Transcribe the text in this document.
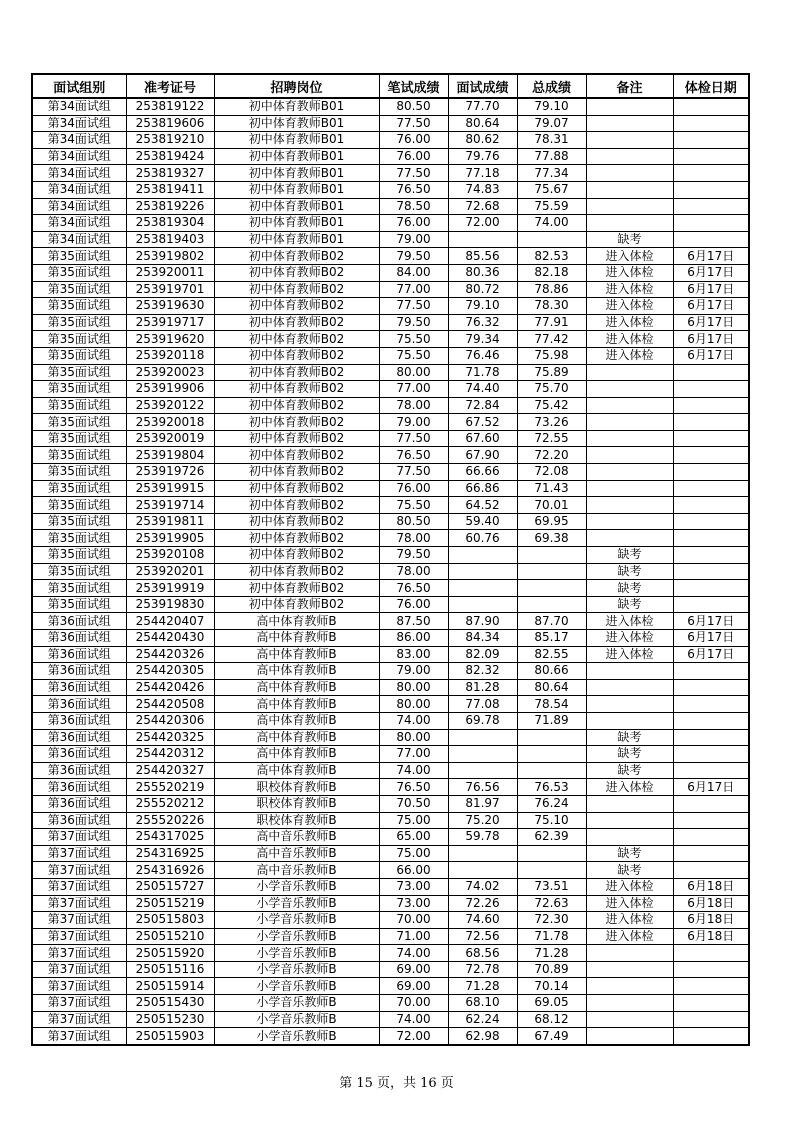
面试组别	准考证号	招聘岗位	笔试成绩	面试成绩	总成绩	备注	体检日期
第34面试组	253819122	初中体育教师B01	80.50	77.70	79.10		
第34面试组	253819606	初中体育教师B01	77.50	80.64	79.07		
第34面试组	253819210	初中体育教师B01	76.00	80.62	78.31		
第34面试组	253819424	初中体育教师B01	76.00	79.76	77.88		
第34面试组	253819327	初中体育教师B01	77.50	77.18	77.34		
第34面试组	253819411	初中体育教师B01	76.50	74.83	75.67		
第34面试组	253819226	初中体育教师B01	78.50	72.68	75.59		
第34面试组	253819304	初中体育教师B01	76.00	72.00	74.00		
第34面试组	253819403	初中体育教师B01	79.00			缺考	
第35面试组	253919802	初中体育教师B02	79.50	85.56	82.53	进入体检	6月17日
第35面试组	253920011	初中体育教师B02	84.00	80.36	82.18	进入体检	6月17日
第35面试组	253919701	初中体育教师B02	77.00	80.72	78.86	进入体检	6月17日
第35面试组	253919630	初中体育教师B02	77.50	79.10	78.30	进入体检	6月17日
第35面试组	253919717	初中体育教师B02	79.50	76.32	77.91	进入体检	6月17日
第35面试组	253919620	初中体育教师B02	75.50	79.34	77.42	进入体检	6月17日
第35面试组	253920118	初中体育教师B02	75.50	76.46	75.98	进入体检	6月17日
第35面试组	253920023	初中体育教师B02	80.00	71.78	75.89		
第35面试组	253919906	初中体育教师B02	77.00	74.40	75.70		
第35面试组	253920122	初中体育教师B02	78.00	72.84	75.42		
第35面试组	253920018	初中体育教师B02	79.00	67.52	73.26		
第35面试组	253920019	初中体育教师B02	77.50	67.60	72.55		
第35面试组	253919804	初中体育教师B02	76.50	67.90	72.20		
第35面试组	253919726	初中体育教师B02	77.50	66.66	72.08		
第35面试组	253919915	初中体育教师B02	76.00	66.86	71.43		
第35面试组	253919714	初中体育教师B02	75.50	64.52	70.01		
第35面试组	253919811	初中体育教师B02	80.50	59.40	69.95		
第35面试组	253919905	初中体育教师B02	78.00	60.76	69.38		
第35面试组	253920108	初中体育教师B02	79.50			缺考	
第35面试组	253920201	初中体育教师B02	78.00			缺考	
第35面试组	253919919	初中体育教师B02	76.50			缺考	
第35面试组	253919830	初中体育教师B02	76.00			缺考	
第36面试组	254420407	高中体育教师B	87.50	87.90	87.70	进入体检	6月17日
第36面试组	254420430	高中体育教师B	86.00	84.34	85.17	进入体检	6月17日
第36面试组	254420326	高中体育教师B	83.00	82.09	82.55	进入体检	6月17日
第36面试组	254420305	高中体育教师B	79.00	82.32	80.66		
第36面试组	254420426	高中体育教师B	80.00	81.28	80.64		
第36面试组	254420508	高中体育教师B	80.00	77.08	78.54		
第36面试组	254420306	高中体育教师B	74.00	69.78	71.89		
第36面试组	254420325	高中体育教师B	80.00			缺考	
第36面试组	254420312	高中体育教师B	77.00			缺考	
第36面试组	254420327	高中体育教师B	74.00			缺考	
第36面试组	255520219	职校体育教师B	76.50	76.56	76.53	进入体检	6月17日
第36面试组	255520212	职校体育教师B	70.50	81.97	76.24		
第36面试组	255520226	职校体育教师B	75.00	75.20	75.10		
第37面试组	254317025	高中音乐教师B	65.00	59.78	62.39		
第37面试组	254316925	高中音乐教师B	75.00			缺考	
第37面试组	254316926	高中音乐教师B	66.00			缺考	
第37面试组	250515727	小学音乐教师B	73.00	74.02	73.51	进入体检	6月18日
第37面试组	250515219	小学音乐教师B	73.00	72.26	72.63	进入体检	6月18日
第37面试组	250515803	小学音乐教师B	70.00	74.60	72.30	进入体检	6月18日
第37面试组	250515210	小学音乐教师B	71.00	72.56	71.78	进入体检	6月18日
第37面试组	250515920	小学音乐教师B	74.00	68.56	71.28		
第37面试组	250515116	小学音乐教师B	69.00	72.78	70.89		
第37面试组	250515914	小学音乐教师B	69.00	71.28	70.14		
第37面试组	250515430	小学音乐教师B	70.00	68.10	69.05		
第37面试组	250515230	小学音乐教师B	74.00	62.24	68.12		
第37面试组	250515903	小学音乐教师B	72.00	62.98	67.49		
第 15 页，共 16 页
